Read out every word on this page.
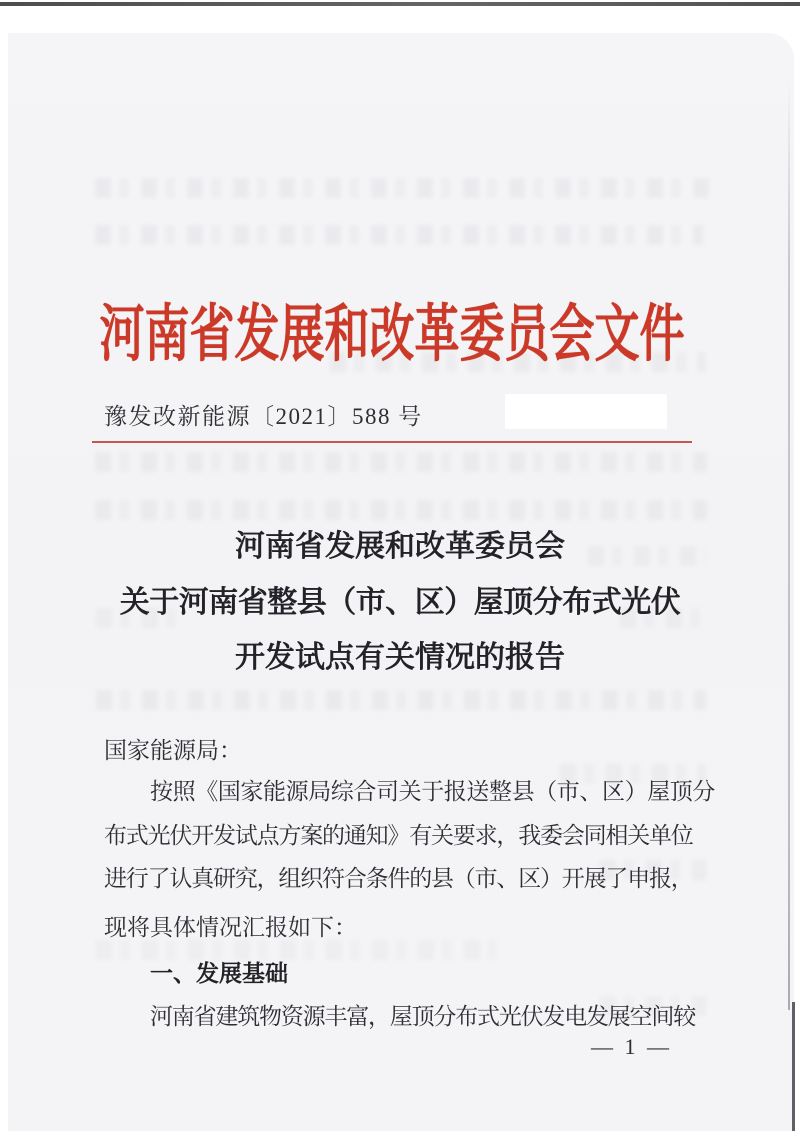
河南省发展和改革委员会文件
豫发改新能源〔2021〕588 号
河南省发展和改革委员会
关于河南省整县（市、区）屋顶分布式光伏
开发试点有关情况的报告
国家能源局：
按照《国家能源局综合司关于报送整县（市、区）屋顶分
布式光伏开发试点方案的通知》有关要求，我委会同相关单位
进行了认真研究，组织符合条件的县（市、区）开展了申报，
现将具体情况汇报如下：
一、发展基础
河南省建筑物资源丰富，屋顶分布式光伏发电发展空间较
— 1 —
